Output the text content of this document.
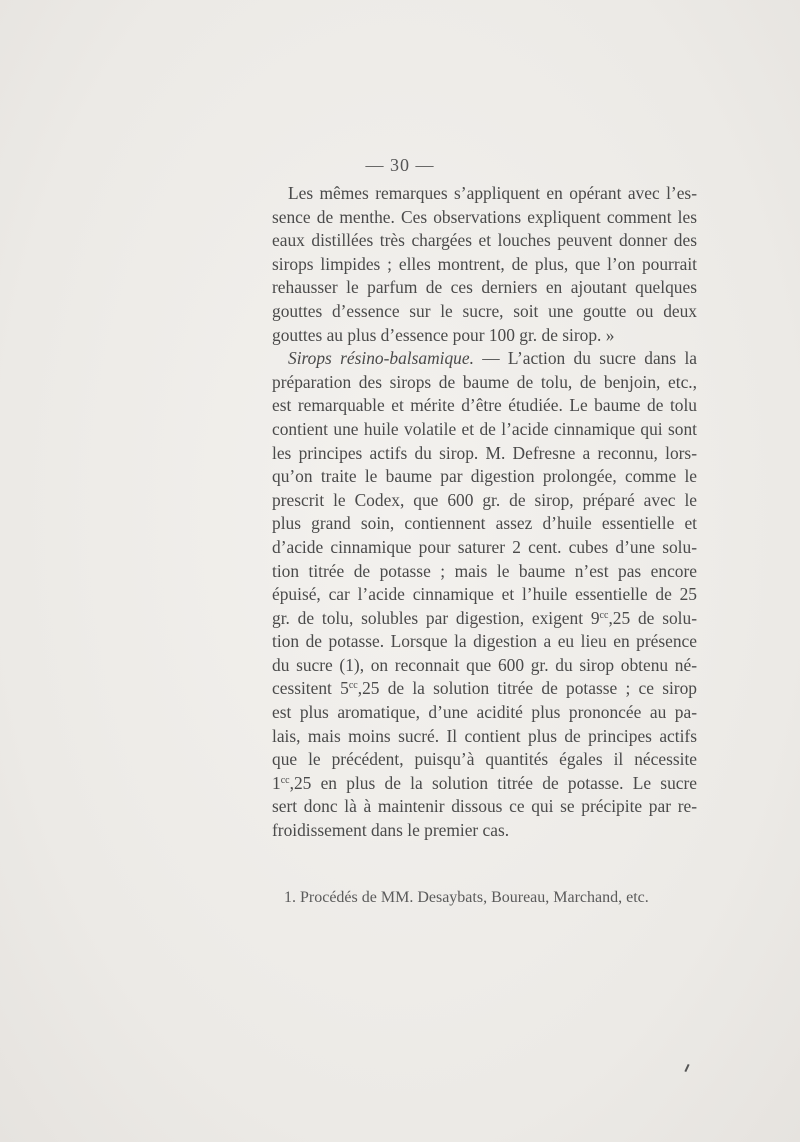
— 30 —
Les mêmes remarques s’appliquent en opérant avec l’es-
sence de menthe. Ces observations expliquent comment les
eaux distillées très chargées et louches peuvent donner des
sirops limpides ; elles montrent, de plus, que l’on pourrait
rehausser le parfum de ces derniers en ajoutant quelques
gouttes d’essence sur le sucre, soit une goutte ou deux
gouttes au plus d’essence pour 100 gr. de sirop. »
Sirops résino-balsamique. — L’action du sucre dans la
préparation des sirops de baume de tolu, de benjoin, etc.,
est remarquable et mérite d’être étudiée. Le baume de tolu
contient une huile volatile et de l’acide cinnamique qui sont
les principes actifs du sirop. M. Defresne a reconnu, lors-
qu’on traite le baume par digestion prolongée, comme le
prescrit le Codex, que 600 gr. de sirop, préparé avec le
plus grand soin, contiennent assez d’huile essentielle et
d’acide cinnamique pour saturer 2 cent. cubes d’une solu-
tion titrée de potasse ; mais le baume n’est pas encore
épuisé, car l’acide cinnamique et l’huile essentielle de 25
gr. de tolu, solubles par digestion, exigent $9^{cc},25$ de solu-
tion de potasse. Lorsque la digestion a eu lieu en présence
du sucre (1), on reconnait que 600 gr. du sirop obtenu né-
cessitent $5^{cc},25$ de la solution titrée de potasse ; ce sirop
est plus aromatique, d’une acidité plus prononcée au pa-
lais, mais moins sucré. Il contient plus de principes actifs
que le précédent, puisqu’à quantités égales il nécessite
$1^{cc},25$ en plus de la solution titrée de potasse. Le sucre
sert donc là à maintenir dissous ce qui se précipite par re-
froidissement dans le premier cas.
1. Procédés de MM. Desaybats, Boureau, Marchand, etc.
